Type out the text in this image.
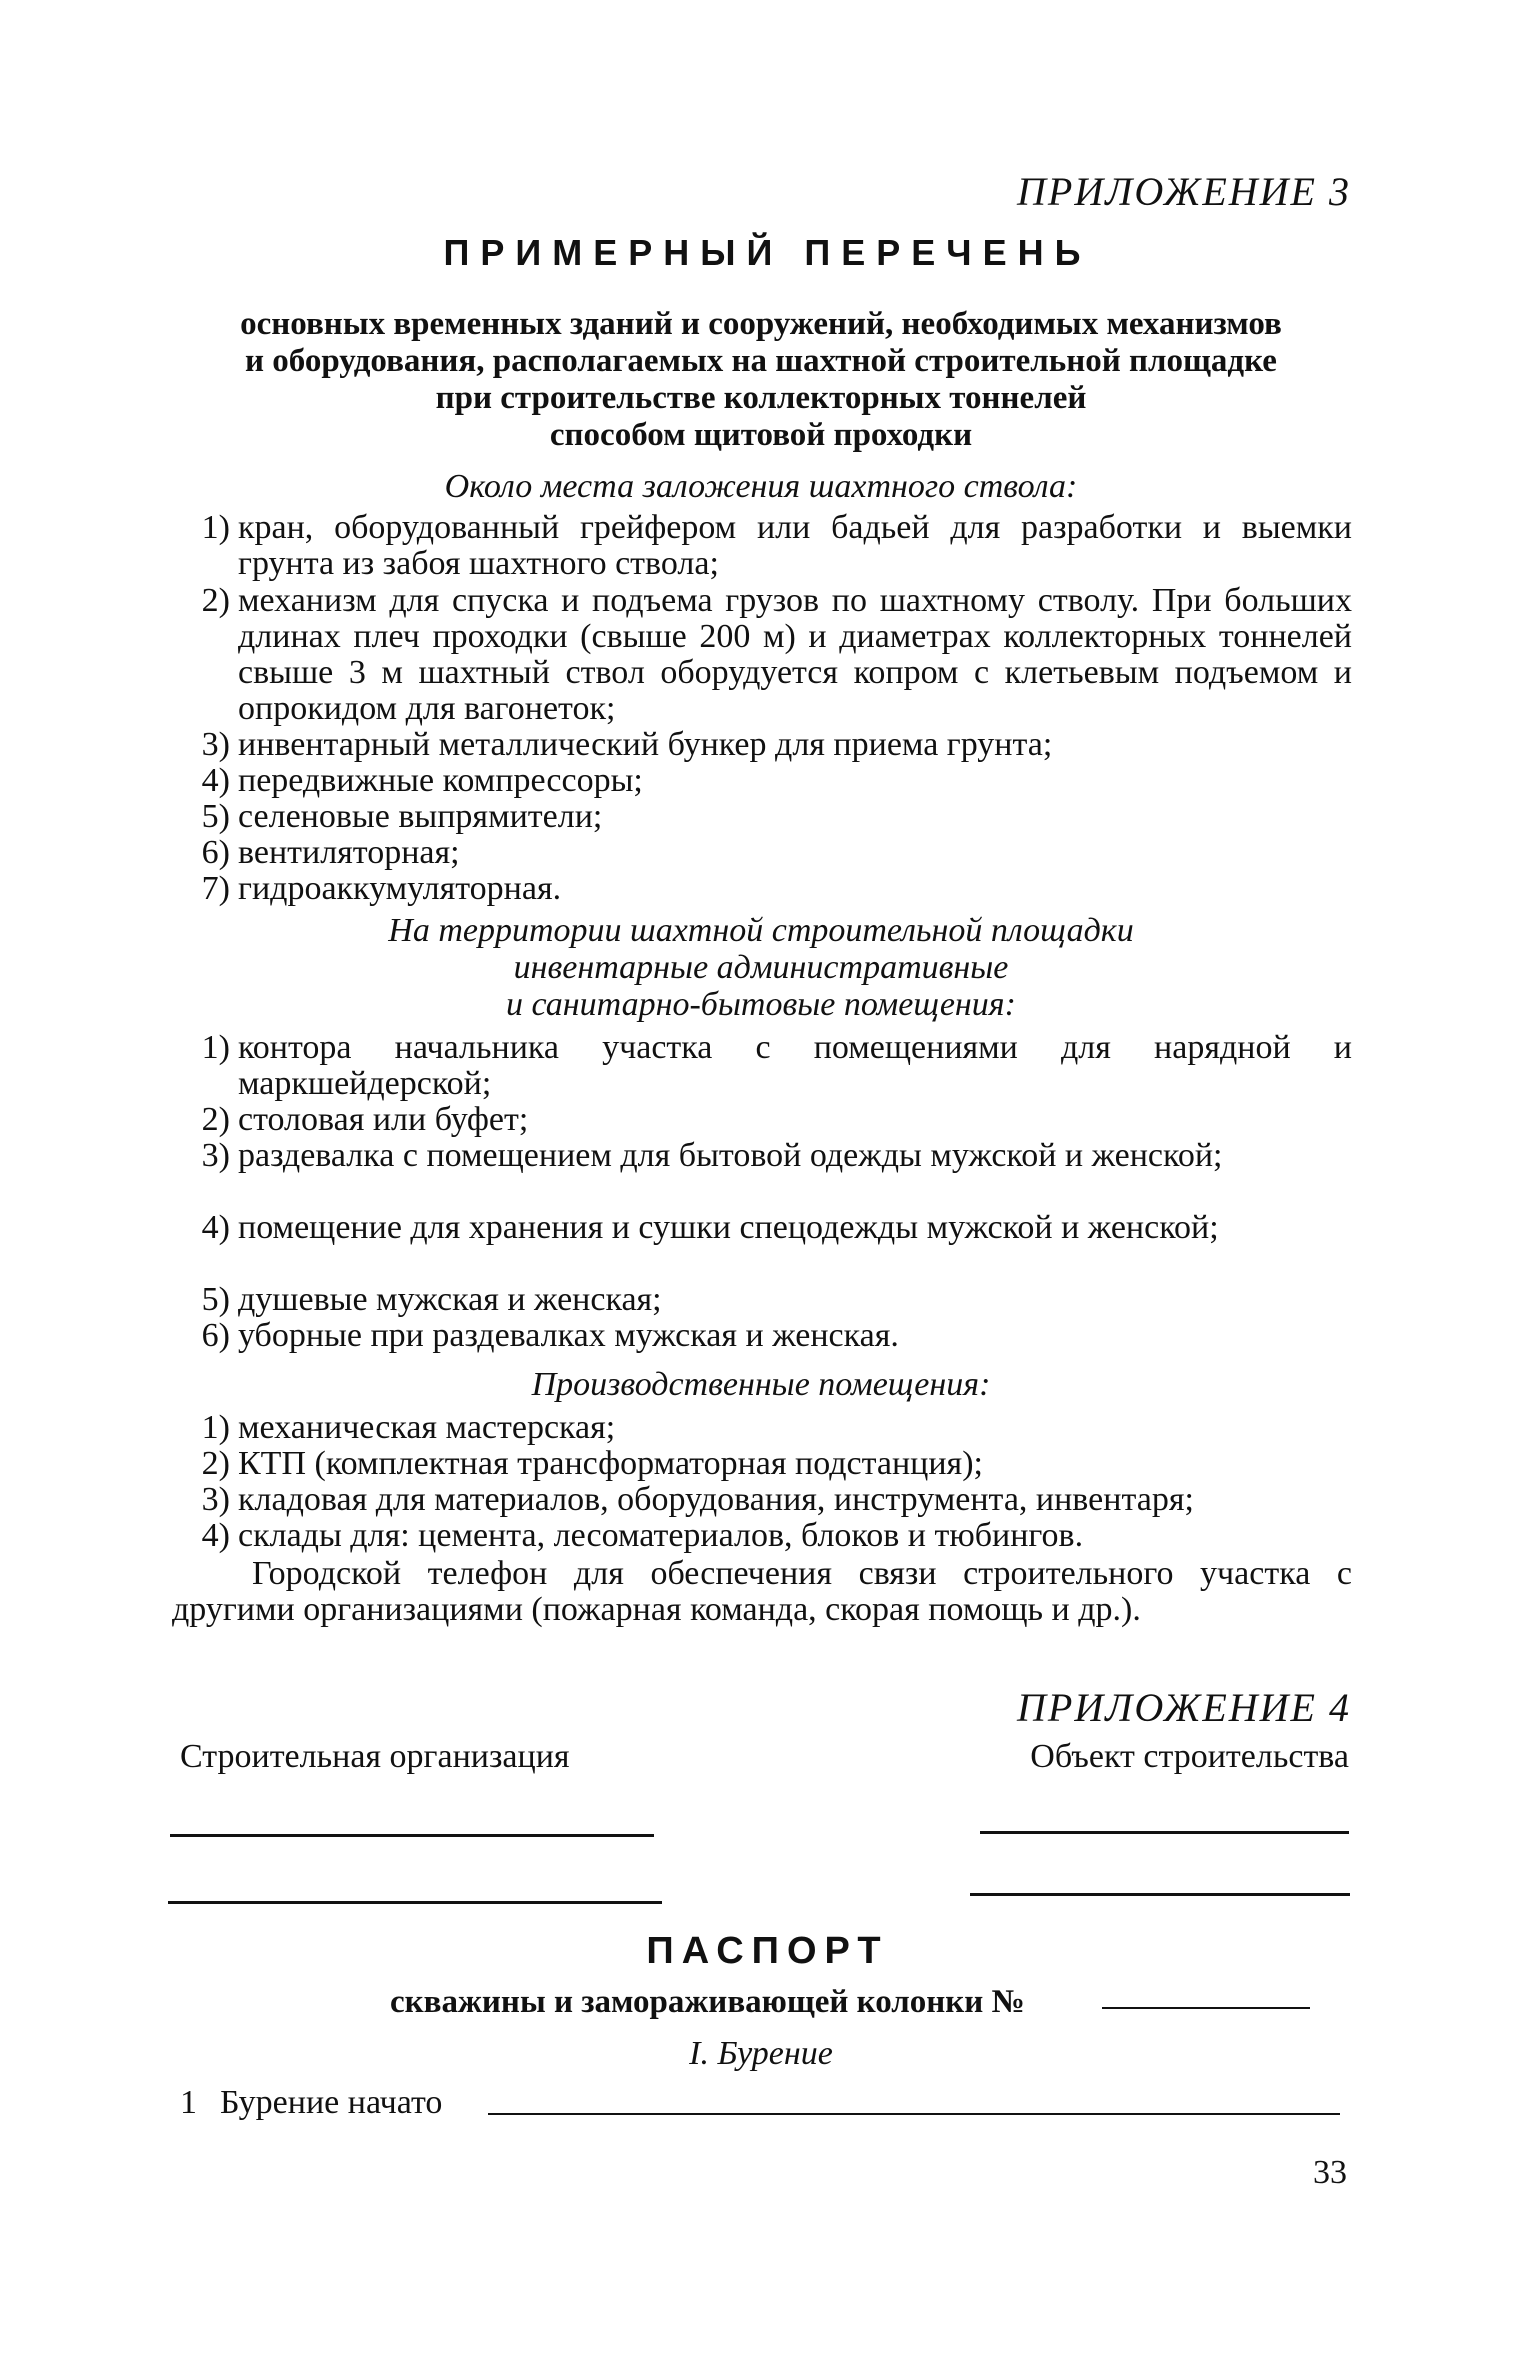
ПРИЛОЖЕНИЕ 3
ПРИМЕРНЫЙ ПЕРЕЧЕНЬ
основных временных зданий и сооружений, необходимых механизмов
и оборудования, располагаемых на шахтной строительной площадке
при строительстве коллекторных тоннелей
способом щитовой проходки
Около места заложения шахтного ствола:
1) кран, оборудованный грейфером или бадьей для разработки и выемки грунта из забоя шахтного ствола;
2) механизм для спуска и подъема грузов по шахтному стволу. При больших длинах плеч проходки (свыше 200 м) и диаметрах коллекторных тоннелей свыше 3 м шахтный ствол оборудуется копром с клетьевым подъемом и опрокидом для вагонеток;
3) инвентарный металлический бункер для приема грунта;
4) передвижные компрессоры;
5) селеновые выпрямители;
6) вентиляторная;
7) гидроаккумуляторная.
На территории шахтной строительной площадки
инвентарные административные
и санитарно-бытовые помещения:
1) контора начальника участка с помещениями для нарядной и маркшейдерской;
2) столовая или буфет;
3) раздевалка с помещением для бытовой одежды мужской и женской;
4) помещение для хранения и сушки спецодежды мужской и женской;
5) душевые мужская и женская;
6) уборные при раздевалках мужская и женская.
Производственные помещения:
1) механическая мастерская;
2) КТП (комплектная трансформаторная подстанция);
3) кладовая для материалов, оборудования, инструмента, инвентаря;
4) склады для: цемента, лесоматериалов, блоков и тюбингов.
Городской телефон для обеспечения связи строительного участка с другими организациями (пожарная команда, скорая помощь и др.).
ПРИЛОЖЕНИЕ 4
Строительная организация	Объект строительства
ПАСПОРТ
скважины и замораживающей колонки №
I. Бурение
1 Бурение начато
33
